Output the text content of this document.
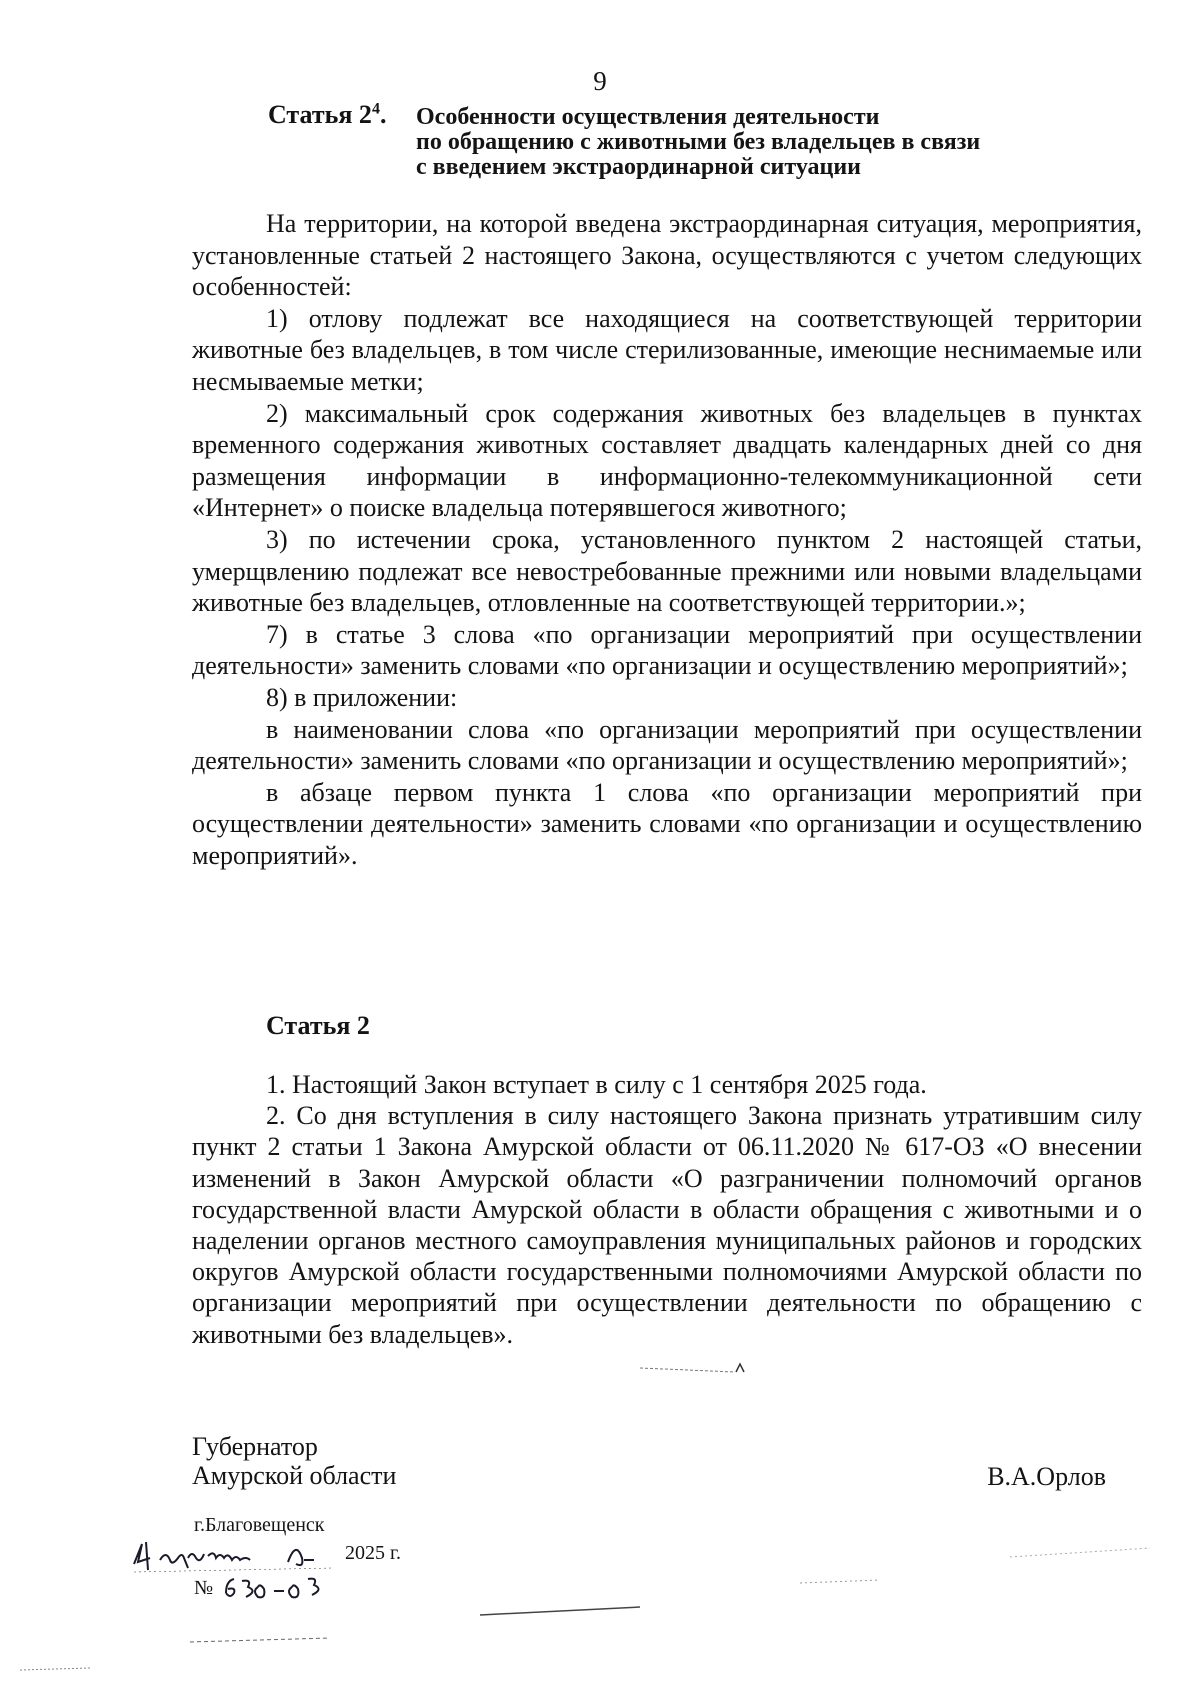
9
Статья $2^4$. Особенности осуществления деятельности
по обращению с животными без владельцев в связи
с введением экстраординарной ситуации

На территории, на которой введена экстраординарная ситуация, мероприятия, установленные статьей 2 настоящего Закона, осуществляются с учетом следующих особенностей:

1) отлову подлежат все находящиеся на соответствующей территории животные без владельцев, в том числе стерилизованные, имеющие неснимаемые или несмываемые метки;

2) максимальный срок содержания животных без владельцев в пунктах временного содержания животных составляет двадцать календарных дней со дня размещения информации в информационно-телекоммуникационной сети «Интернет» о поиске владельца потерявшегося животного;

3) по истечении срока, установленного пунктом 2 настоящей статьи, умерщвлению подлежат все невостребованные прежними или новыми владельцами животные без владельцев, отловленные на соответствующей территории.»;

7) в статье 3 слова «по организации мероприятий при осуществлении деятельности» заменить словами «по организации и осуществлению мероприятий»;

8) в приложении:

в наименовании слова «по организации мероприятий при осуществлении деятельности» заменить словами «по организации и осуществлению мероприятий»;

в абзаце первом пункта 1 слова «по организации мероприятий при осуществлении деятельности» заменить словами «по организации и осуществлению мероприятий».

Статья 2

1. Настоящий Закон вступает в силу с 1 сентября 2025 года.

2. Со дня вступления в силу настоящего Закона признать утратившим силу пункт 2 статьи 1 Закона Амурской области от 06.11.2020 № 617-ОЗ «О внесении изменений в Закон Амурской области «О разграничении полномочий органов государственной власти Амурской области в области обращения с животными и о наделении органов местного самоуправления муниципальных районов и городских округов Амурской области государственными полномочиями Амурской области по организации мероприятий при осуществлении деятельности по обращению с животными без владельцев».

Губернатор
Амурской области	В.А.Орлов
г.Благовещенск
2025 г.
№
